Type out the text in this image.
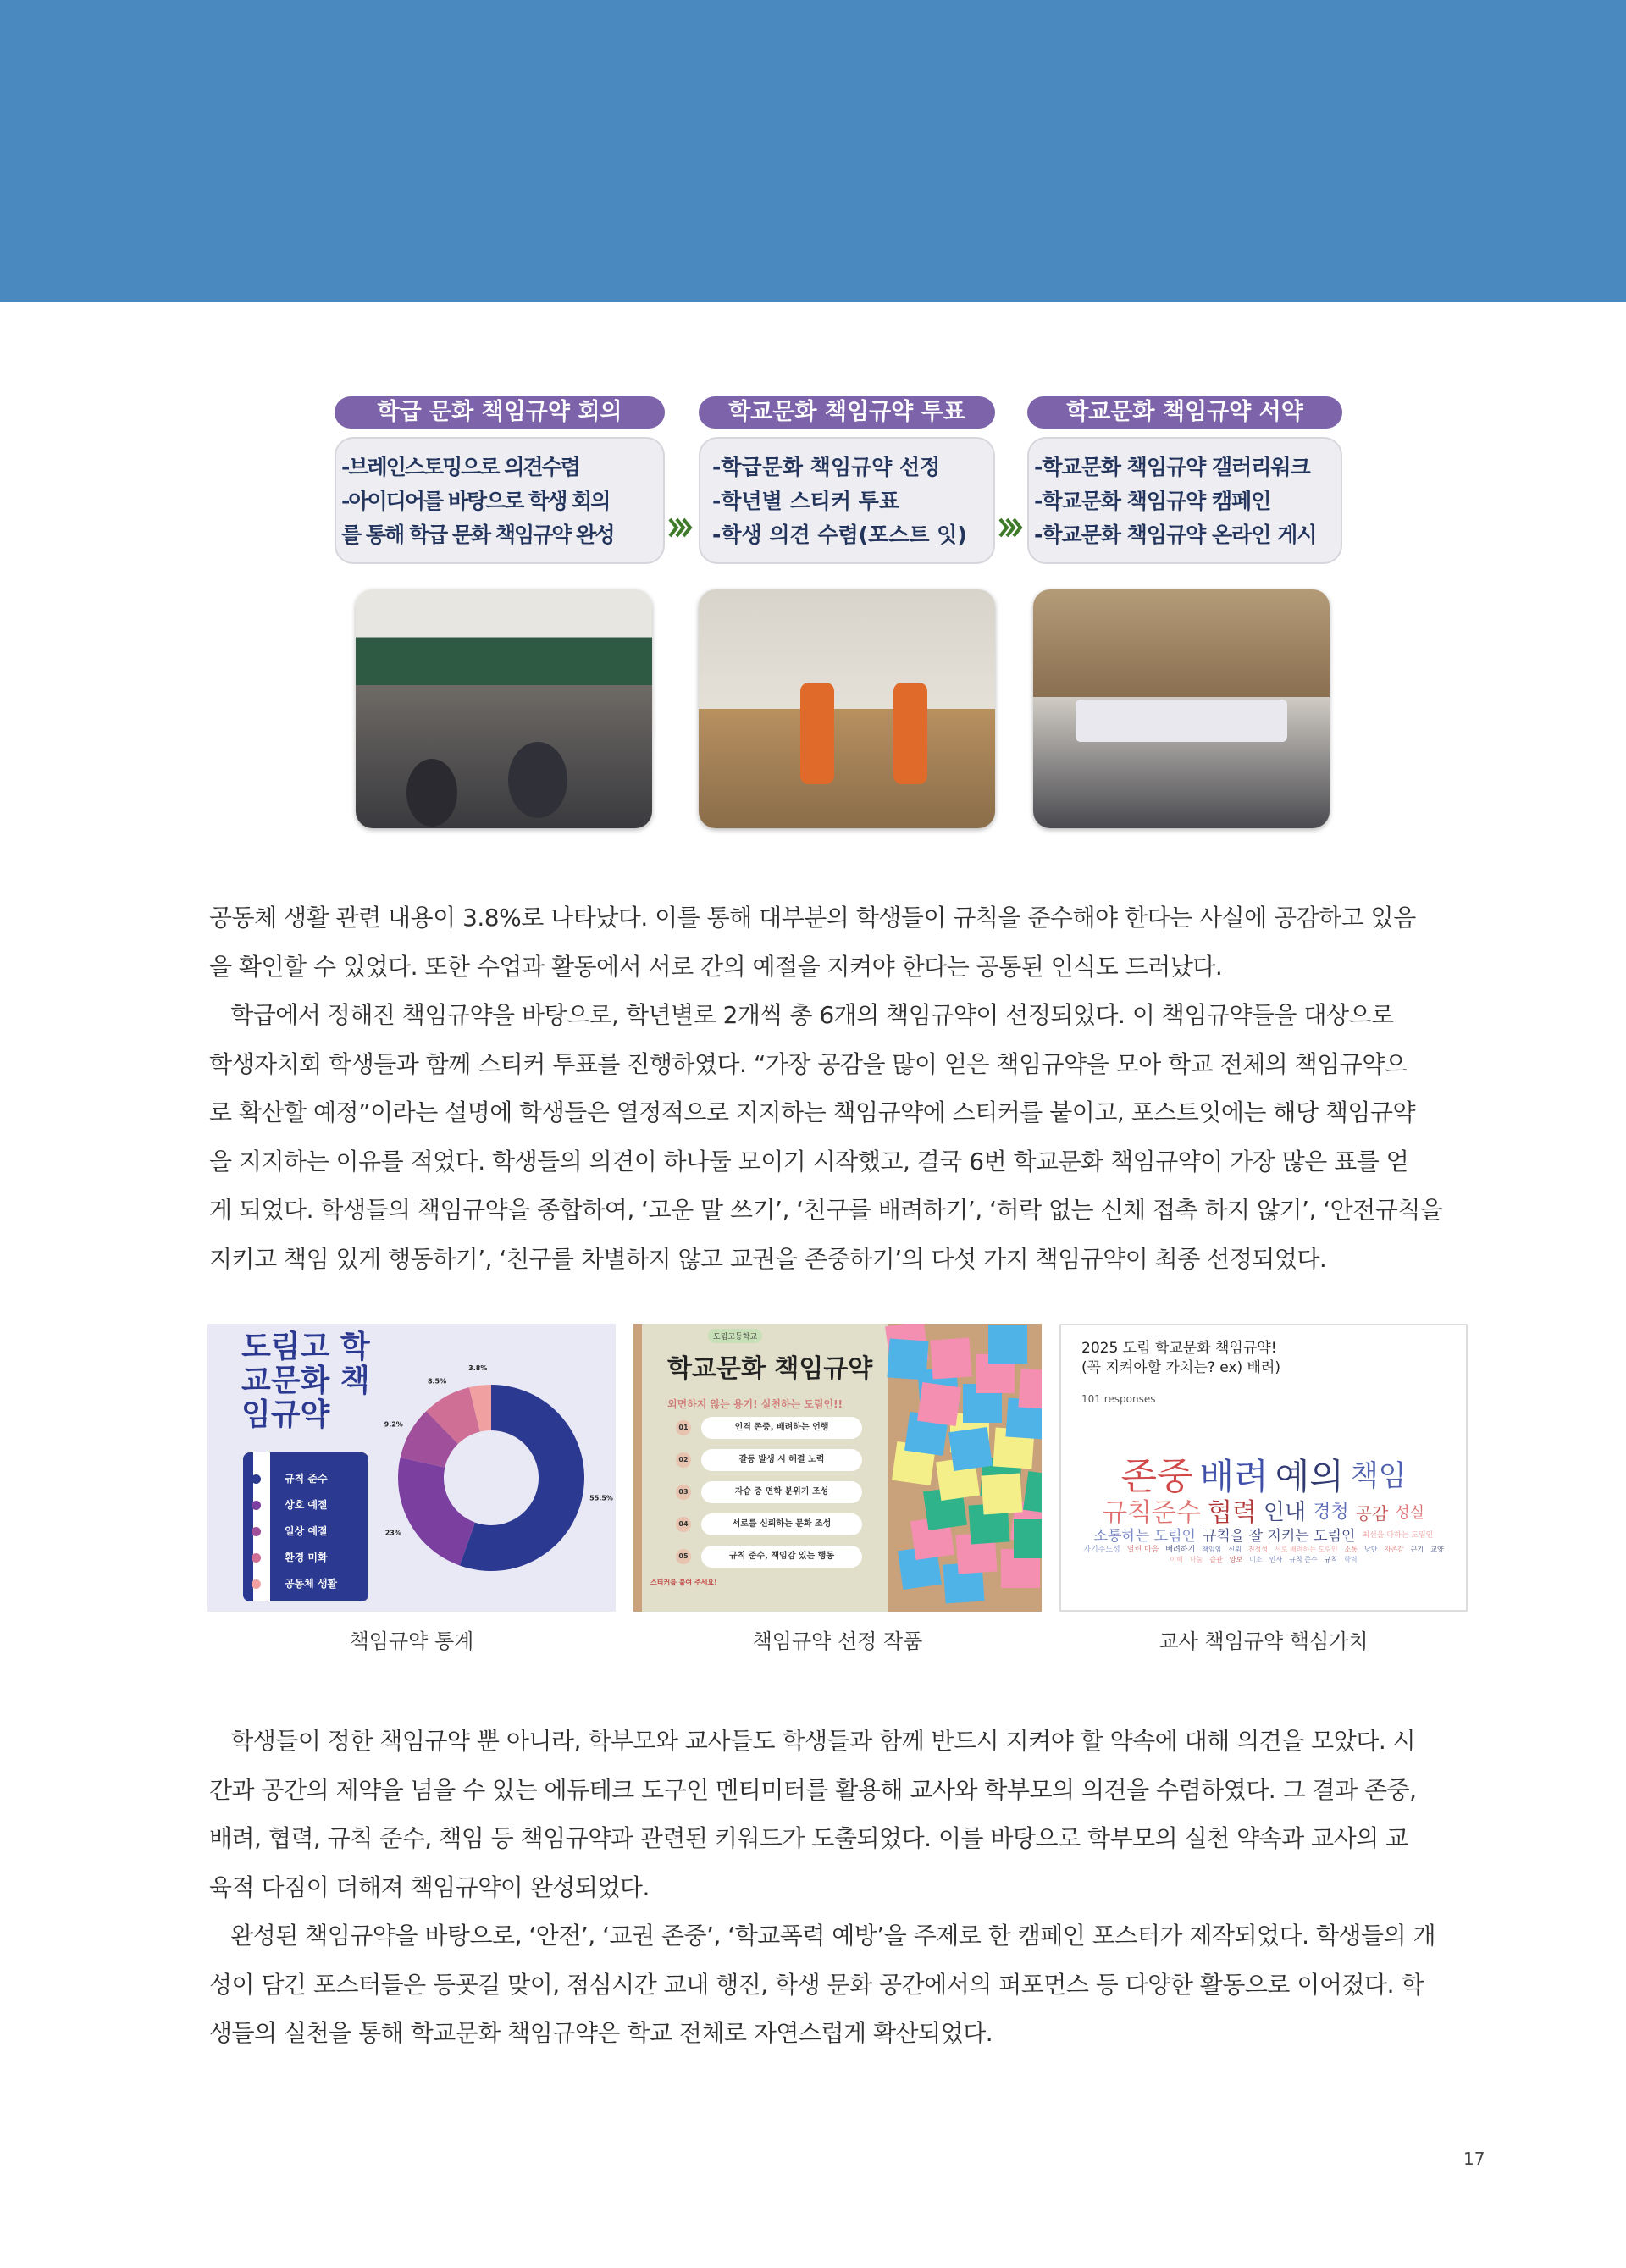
학급 문화 책임규약 회의
-브레인스토밍으로 의견수렴
-아이디어를 바탕으로 학생 회의
를 통해 학급 문화 책임규약 완성
학교문화 책임규약 투표
-학급문화 책임규약 선정
-학년별 스티커 투표
-학생 의견 수렴(포스트 잇)
학교문화 책임규약 서약
-학교문화 책임규약 갤러리워크
-학교문화 책임규약 캠페인
-학교문화 책임규약 온라인 게시
공동체 생활 관련 내용이 3.8%로 나타났다. 이를 통해 대부분의 학생들이 규칙을 준수해야 한다는 사실에 공감하고 있음
을 확인할 수 있었다. 또한 수업과 활동에서 서로 간의 예절을 지켜야 한다는 공통된 인식도 드러났다.
학급에서 정해진 책임규약을 바탕으로, 학년별로 2개씩 총 6개의 책임규약이 선정되었다. 이 책임규약들을 대상으로
학생자치회 학생들과 함께 스티커 투표를 진행하였다. “가장 공감을 많이 얻은 책임규약을 모아 학교 전체의 책임규약으
로 확산할 예정”이라는 설명에 학생들은 열정적으로 지지하는 책임규약에 스티커를 붙이고, 포스트잇에는 해당 책임규약
을 지지하는 이유를 적었다. 학생들의 의견이 하나둘 모이기 시작했고, 결국 6번 학교문화 책임규약이 가장 많은 표를 얻
게 되었다. 학생들의 책임규약을 종합하여, ‘고운 말 쓰기’, ‘친구를 배려하기’, ‘허락 없는 신체 접촉 하지 않기’, ‘안전규칙을
지키고 책임 있게 행동하기’, ‘친구를 차별하지 않고 교권을 존중하기’의 다섯 가지 책임규약이 최종 선정되었다.
도림고 학교문화 책임규약
규칙 준수
상호 예절
일상 예절
환경 미화
공동체 생활
55.5%
23%
9.2%
8.5%
3.8%
책임규약 통계
도림고등학교
학교문화 책임규약
외면하지 않는 용기! 실천하는 도림인!!
01	인격 존중, 배려하는 언행
02	갈등 발생 시 해결 노력
03	자습 중 면학 분위기 조성
04	서로를 신뢰하는 문화 조성
05	규칙 준수, 책임감 있는 행동
스티커를 붙여 주세요!
책임규약 선정 작품
2025 도림 학교문화 책임규약!
(꼭 지켜야할 가치는? ex) 배려)
101 responses
존중 배려 예의 책임
규칙준수 협력 인내 경청 공감 성실
소통하는 도림인 규칙을 잘 지키는 도림인 최선을 다하는 도림인
자기주도성 열린 마음 배려하기 책임임 신뢰 진정성 서로 배려하는 도림인 소통 낭만 자존감 끈기 교양
이해 나눔 습관 양보 미소 인사 규칙 준수 규칙 학력
교사 책임규약 핵심가치
학생들이 정한 책임규약 뿐 아니라, 학부모와 교사들도 학생들과 함께 반드시 지켜야 할 약속에 대해 의견을 모았다. 시
간과 공간의 제약을 넘을 수 있는 에듀테크 도구인 멘티미터를 활용해 교사와 학부모의 의견을 수렴하였다. 그 결과 존중,
배려, 협력, 규칙 준수, 책임 등 책임규약과 관련된 키워드가 도출되었다. 이를 바탕으로 학부모의 실천 약속과 교사의 교
육적 다짐이 더해져 책임규약이 완성되었다.
완성된 책임규약을 바탕으로, ‘안전’, ‘교권 존중’, ‘학교폭력 예방’을 주제로 한 캠페인 포스터가 제작되었다. 학생들의 개
성이 담긴 포스터들은 등굣길 맞이, 점심시간 교내 행진, 학생 문화 공간에서의 퍼포먼스 등 다양한 활동으로 이어졌다. 학
생들의 실천을 통해 학교문화 책임규약은 학교 전체로 자연스럽게 확산되었다.
17
